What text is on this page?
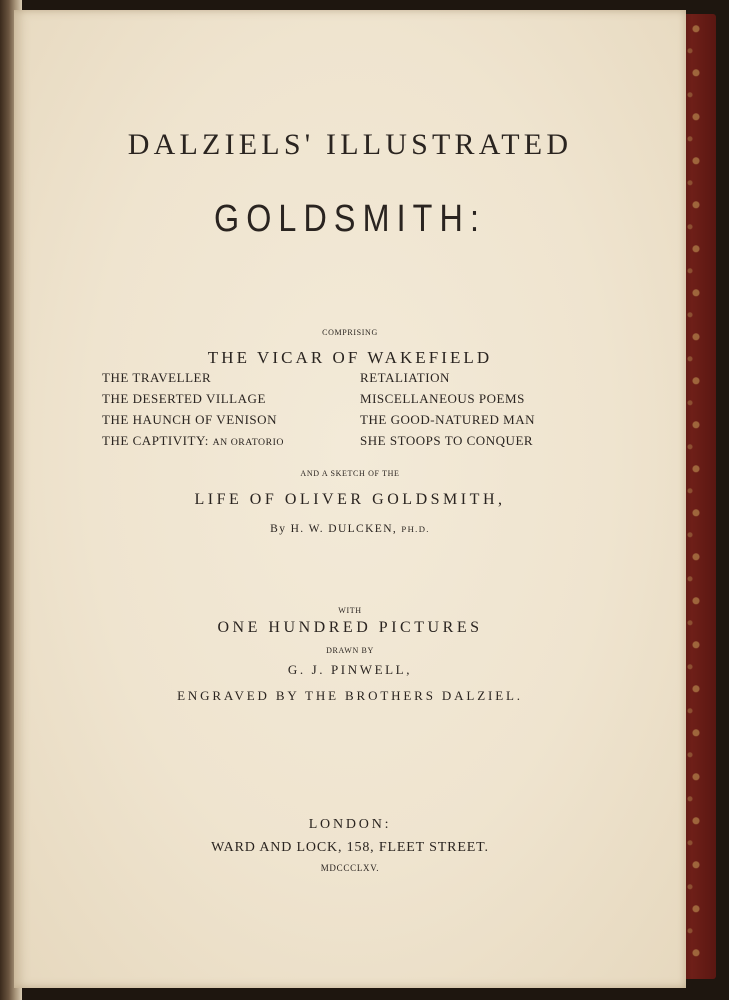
DALZIELS' ILLUSTRATED
GOLDSMITH:
COMPRISING
THE VICAR OF WAKEFIELD
THE TRAVELLER
THE DESERTED VILLAGE
THE HAUNCH OF VENISON
THE CAPTIVITY: AN ORATORIO
RETALIATION
MISCELLANEOUS POEMS
THE GOOD-NATURED MAN
SHE STOOPS TO CONQUER
AND A SKETCH OF THE
LIFE OF OLIVER GOLDSMITH,
By H. W. DULCKEN, PH.D.
WITH
ONE HUNDRED PICTURES
DRAWN BY
G. J. PINWELL,
ENGRAVED BY THE BROTHERS DALZIEL.
LONDON:
WARD AND LOCK, 158, FLEET STREET.
MDCCCLXV.
